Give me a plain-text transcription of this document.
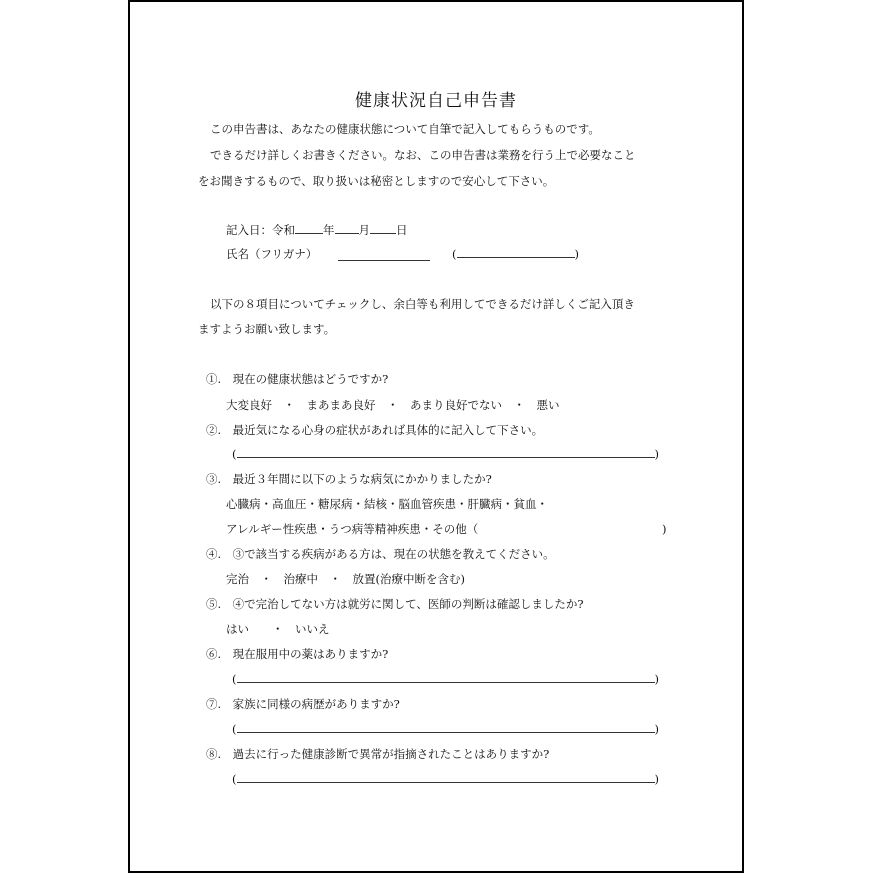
健康状況自己申告書
この申告書は、あなたの健康状態について自筆で記入してもらうものです。
できるだけ詳しくお書きください。なお、この申告書は業務を行う上で必要なこと
をお聞きするもので、取り扱いは秘密としますので安心して下さい。
記入日：令和 年 月 日
氏名（フリガナ）	(	)
以下の８項目についてチェックし、余白等も利用してできるだけ詳しくご記入頂き
ますようお願い致します。
①.　 現在の健康状態はどうですか?
大変良好　・　まあまあ良好　・　あまり良好でない　・　悪い
②.　 最近気になる心身の症状があれば具体的に記入して下さい。
(	)
③.　 最近３年間に以下のような病気にかかりましたか?
心臓病・高血圧・糖尿病・結核・脳血管疾患・肝臓病・貧血・
アレルギー性疾患・うつ病等精神疾患・その他（	)
④.　 ③で該当する疾病がある方は、現在の状態を教えてください。
完治　・　治療中　・　放置(治療中断を含む)
⑤.　 ④で完治してない方は就労に関して、医師の判断は確認しましたか?
はい　　・　いいえ
⑥.　 現在服用中の薬はありますか?
(	)
⑦.　 家族に同様の病歴がありますか?
(	)
⑧.　 過去に行った健康診断で異常が指摘されたことはありますか?
(	)
